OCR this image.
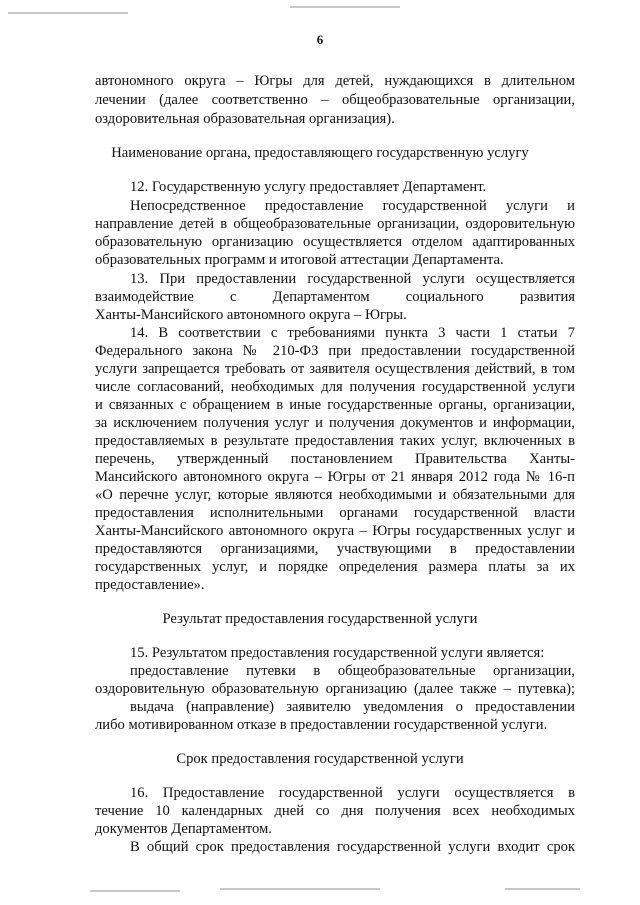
6
автономного округа – Югры для детей, нуждающихся в длительном
лечении (далее соответственно – общеобразовательные организации,
оздоровительная образовательная организация).
Наименование органа, предоставляющего государственную услугу
12. Государственную услугу предоставляет Департамент.
Непосредственное предоставление государственной услуги и
направление детей в общеобразовательные организации, оздоровительную
образовательную организацию осуществляется отделом адаптированных
образовательных программ и итоговой аттестации Департамента.
13. При предоставлении государственной услуги осуществляется
взаимодействие с Департаментом социального развития
Ханты-Мансийского автономного округа – Югры.
14. В соответствии с требованиями пункта 3 части 1 статьи 7
Федерального закона № 210-ФЗ при предоставлении государственной
услуги запрещается требовать от заявителя осуществления действий, в том
числе согласований, необходимых для получения государственной услуги
и связанных с обращением в иные государственные органы, организации,
за исключением получения услуг и получения документов и информации,
предоставляемых в результате предоставления таких услуг, включенных в
перечень, утвержденный постановлением Правительства Ханты-
Мансийского автономного округа – Югры от 21 января 2012 года № 16-п
«О перечне услуг, которые являются необходимыми и обязательными для
предоставления исполнительными органами государственной власти
Ханты-Мансийского автономного округа – Югры государственных услуг и
предоставляются организациями, участвующими в предоставлении
государственных услуг, и порядке определения размера платы за их
предоставление».
Результат предоставления государственной услуги
15. Результатом предоставления государственной услуги является:
предоставление путевки в общеобразовательные организации,
оздоровительную образовательную организацию (далее также – путевка);
выдача (направление) заявителю уведомления о предоставлении
либо мотивированном отказе в предоставлении государственной услуги.
Срок предоставления государственной услуги
16. Предоставление государственной услуги осуществляется в
течение 10 календарных дней со дня получения всех необходимых
документов Департаментом.
В общий срок предоставления государственной услуги входит срок
